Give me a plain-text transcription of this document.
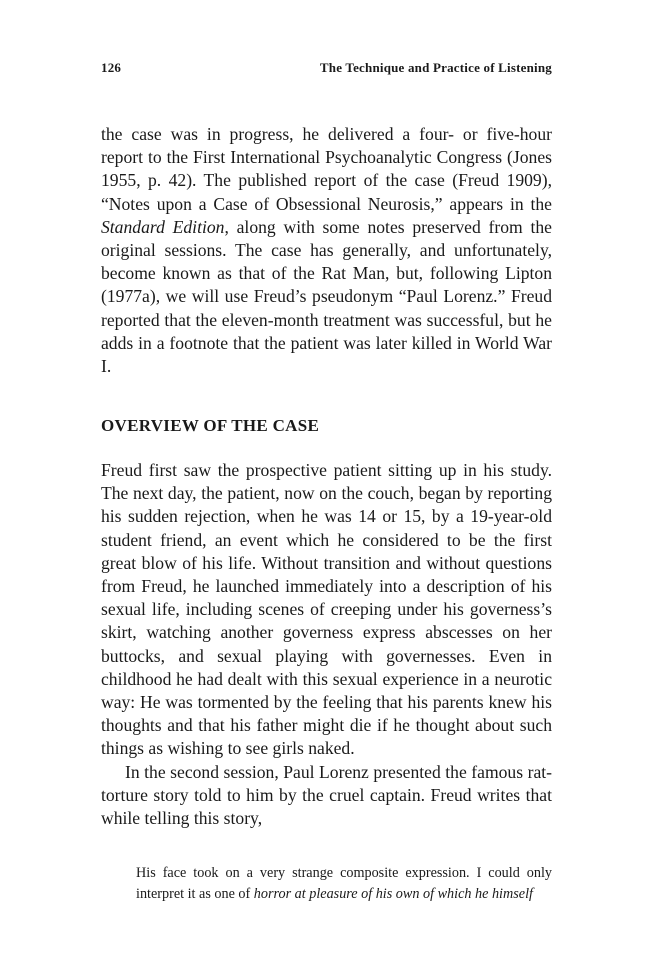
126	The Technique and Practice of Listening

the case was in progress, he delivered a four- or five-hour report to the First International Psychoanalytic Congress (Jones 1955, p. 42). The published report of the case (Freud 1909), “Notes upon a Case of Obsessional Neurosis,” appears in the Standard Edition, along with some notes preserved from the original sessions. The case has generally, and unfortunately, become known as that of the Rat Man, but, following Lipton (1977a), we will use Freud’s pseudonym “Paul Lorenz.” Freud reported that the eleven-month treatment was successful, but he adds in a footnote that the patient was later killed in World War I.

OVERVIEW OF THE CASE

Freud first saw the prospective patient sitting up in his study. The next day, the patient, now on the couch, began by reporting his sudden rejection, when he was 14 or 15, by a 19-year-old student friend, an event which he considered to be the first great blow of his life. Without transition and without questions from Freud, he launched immediately into a description of his sexual life, including scenes of creeping under his governess’s skirt, watching another governess express abscesses on her buttocks, and sexual playing with governesses. Even in childhood he had dealt with this sexual experience in a neurotic way: He was tormented by the feeling that his parents knew his thoughts and that his father might die if he thought about such things as wishing to see girls naked.

In the second session, Paul Lorenz presented the famous rat-torture story told to him by the cruel captain. Freud writes that while telling this story,

His face took on a very strange composite expression. I could only interpret it as one of horror at pleasure of his own of which he himself
